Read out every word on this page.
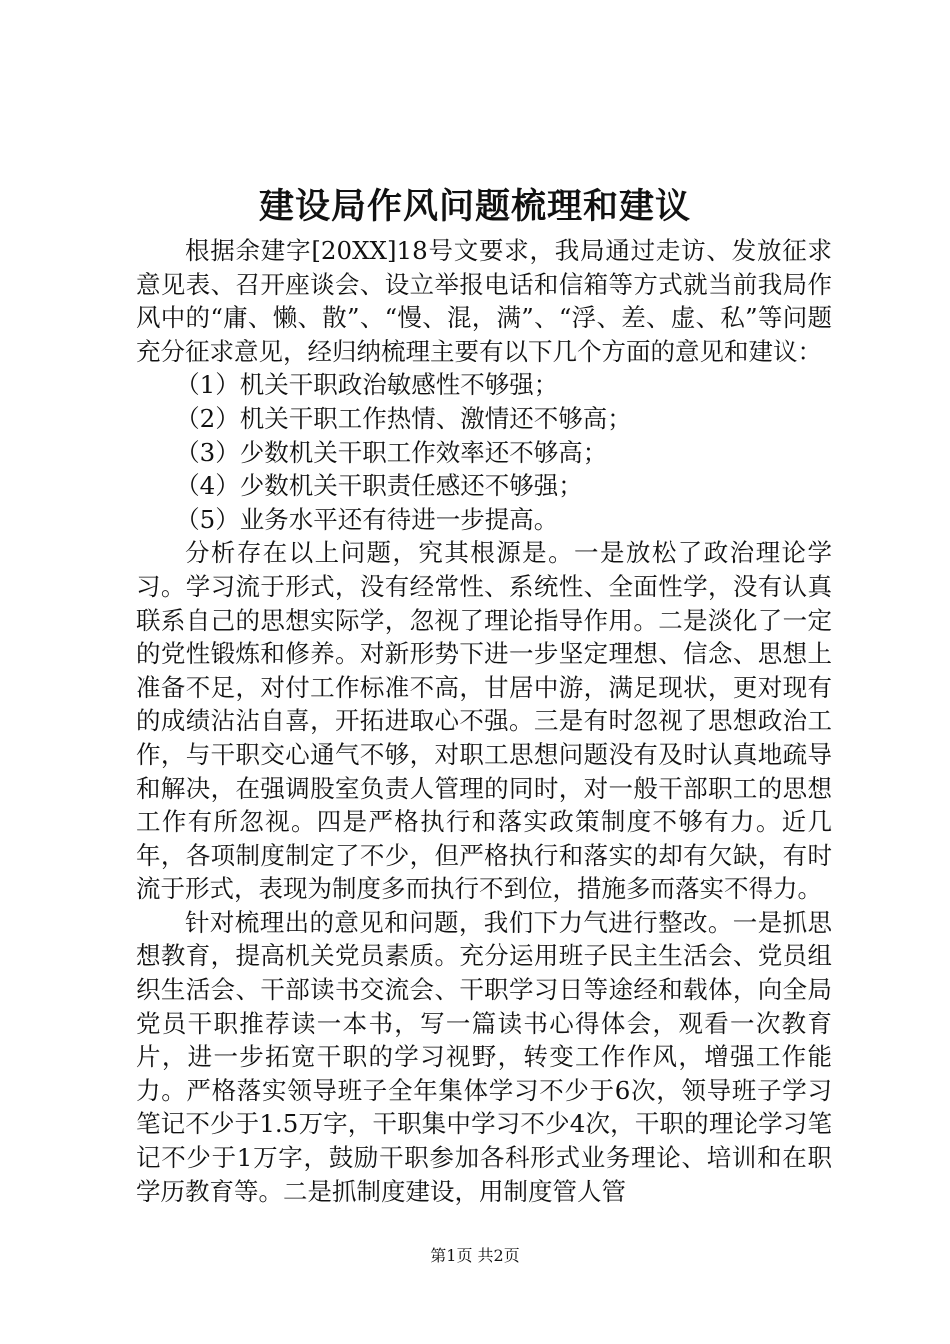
建设局作风问题梳理和建议

根据余建字[20XX]18号文要求，我局通过走访、发放征求意见表、召开座谈会、设立举报电话和信箱等方式就当前我局作风中的“庸、懒、散”、“慢、混，满”、“浮、差、虚、私”等问题充分征求意见，经归纳梳理主要有以下几个方面的意见和建议：

（1）机关干职政治敏感性不够强；

（2）机关干职工作热情、激情还不够高；

（3）少数机关干职工作效率还不够高；

（4）少数机关干职责任感还不够强；

（5）业务水平还有待进一步提高。

分析存在以上问题，究其根源是。一是放松了政治理论学习。学习流于形式，没有经常性、系统性、全面性学，没有认真联系自己的思想实际学，忽视了理论指导作用。二是淡化了一定的党性锻炼和修养。对新形势下进一步坚定理想、信念、思想上准备不足，对付工作标准不高，甘居中游，满足现状，更对现有的成绩沾沾自喜，开拓进取心不强。三是有时忽视了思想政治工作，与干职交心通气不够，对职工思想问题没有及时认真地疏导和解决，在强调股室负责人管理的同时，对一般干部职工的思想工作有所忽视。四是严格执行和落实政策制度不够有力。近几年，各项制度制定了不少，但严格执行和落实的却有欠缺，有时流于形式，表现为制度多而执行不到位，措施多而落实不得力。

针对梳理出的意见和问题，我们下力气进行整改。一是抓思想教育，提高机关党员素质。充分运用班子民主生活会、党员组织生活会、干部读书交流会、干职学习日等途经和载体，向全局党员干职推荐读一本书，写一篇读书心得体会，观看一次教育片，进一步拓宽干职的学习视野，转变工作作风，增强工作能力。严格落实领导班子全年集体学习不少于6次，领导班子学习笔记不少于1.5万字，干职集中学习不少4次，干职的理论学习笔记不少于1万字，鼓励干职参加各科形式业务理论、培训和在职学历教育等。二是抓制度建设，用制度管人管

第1页 共2页
